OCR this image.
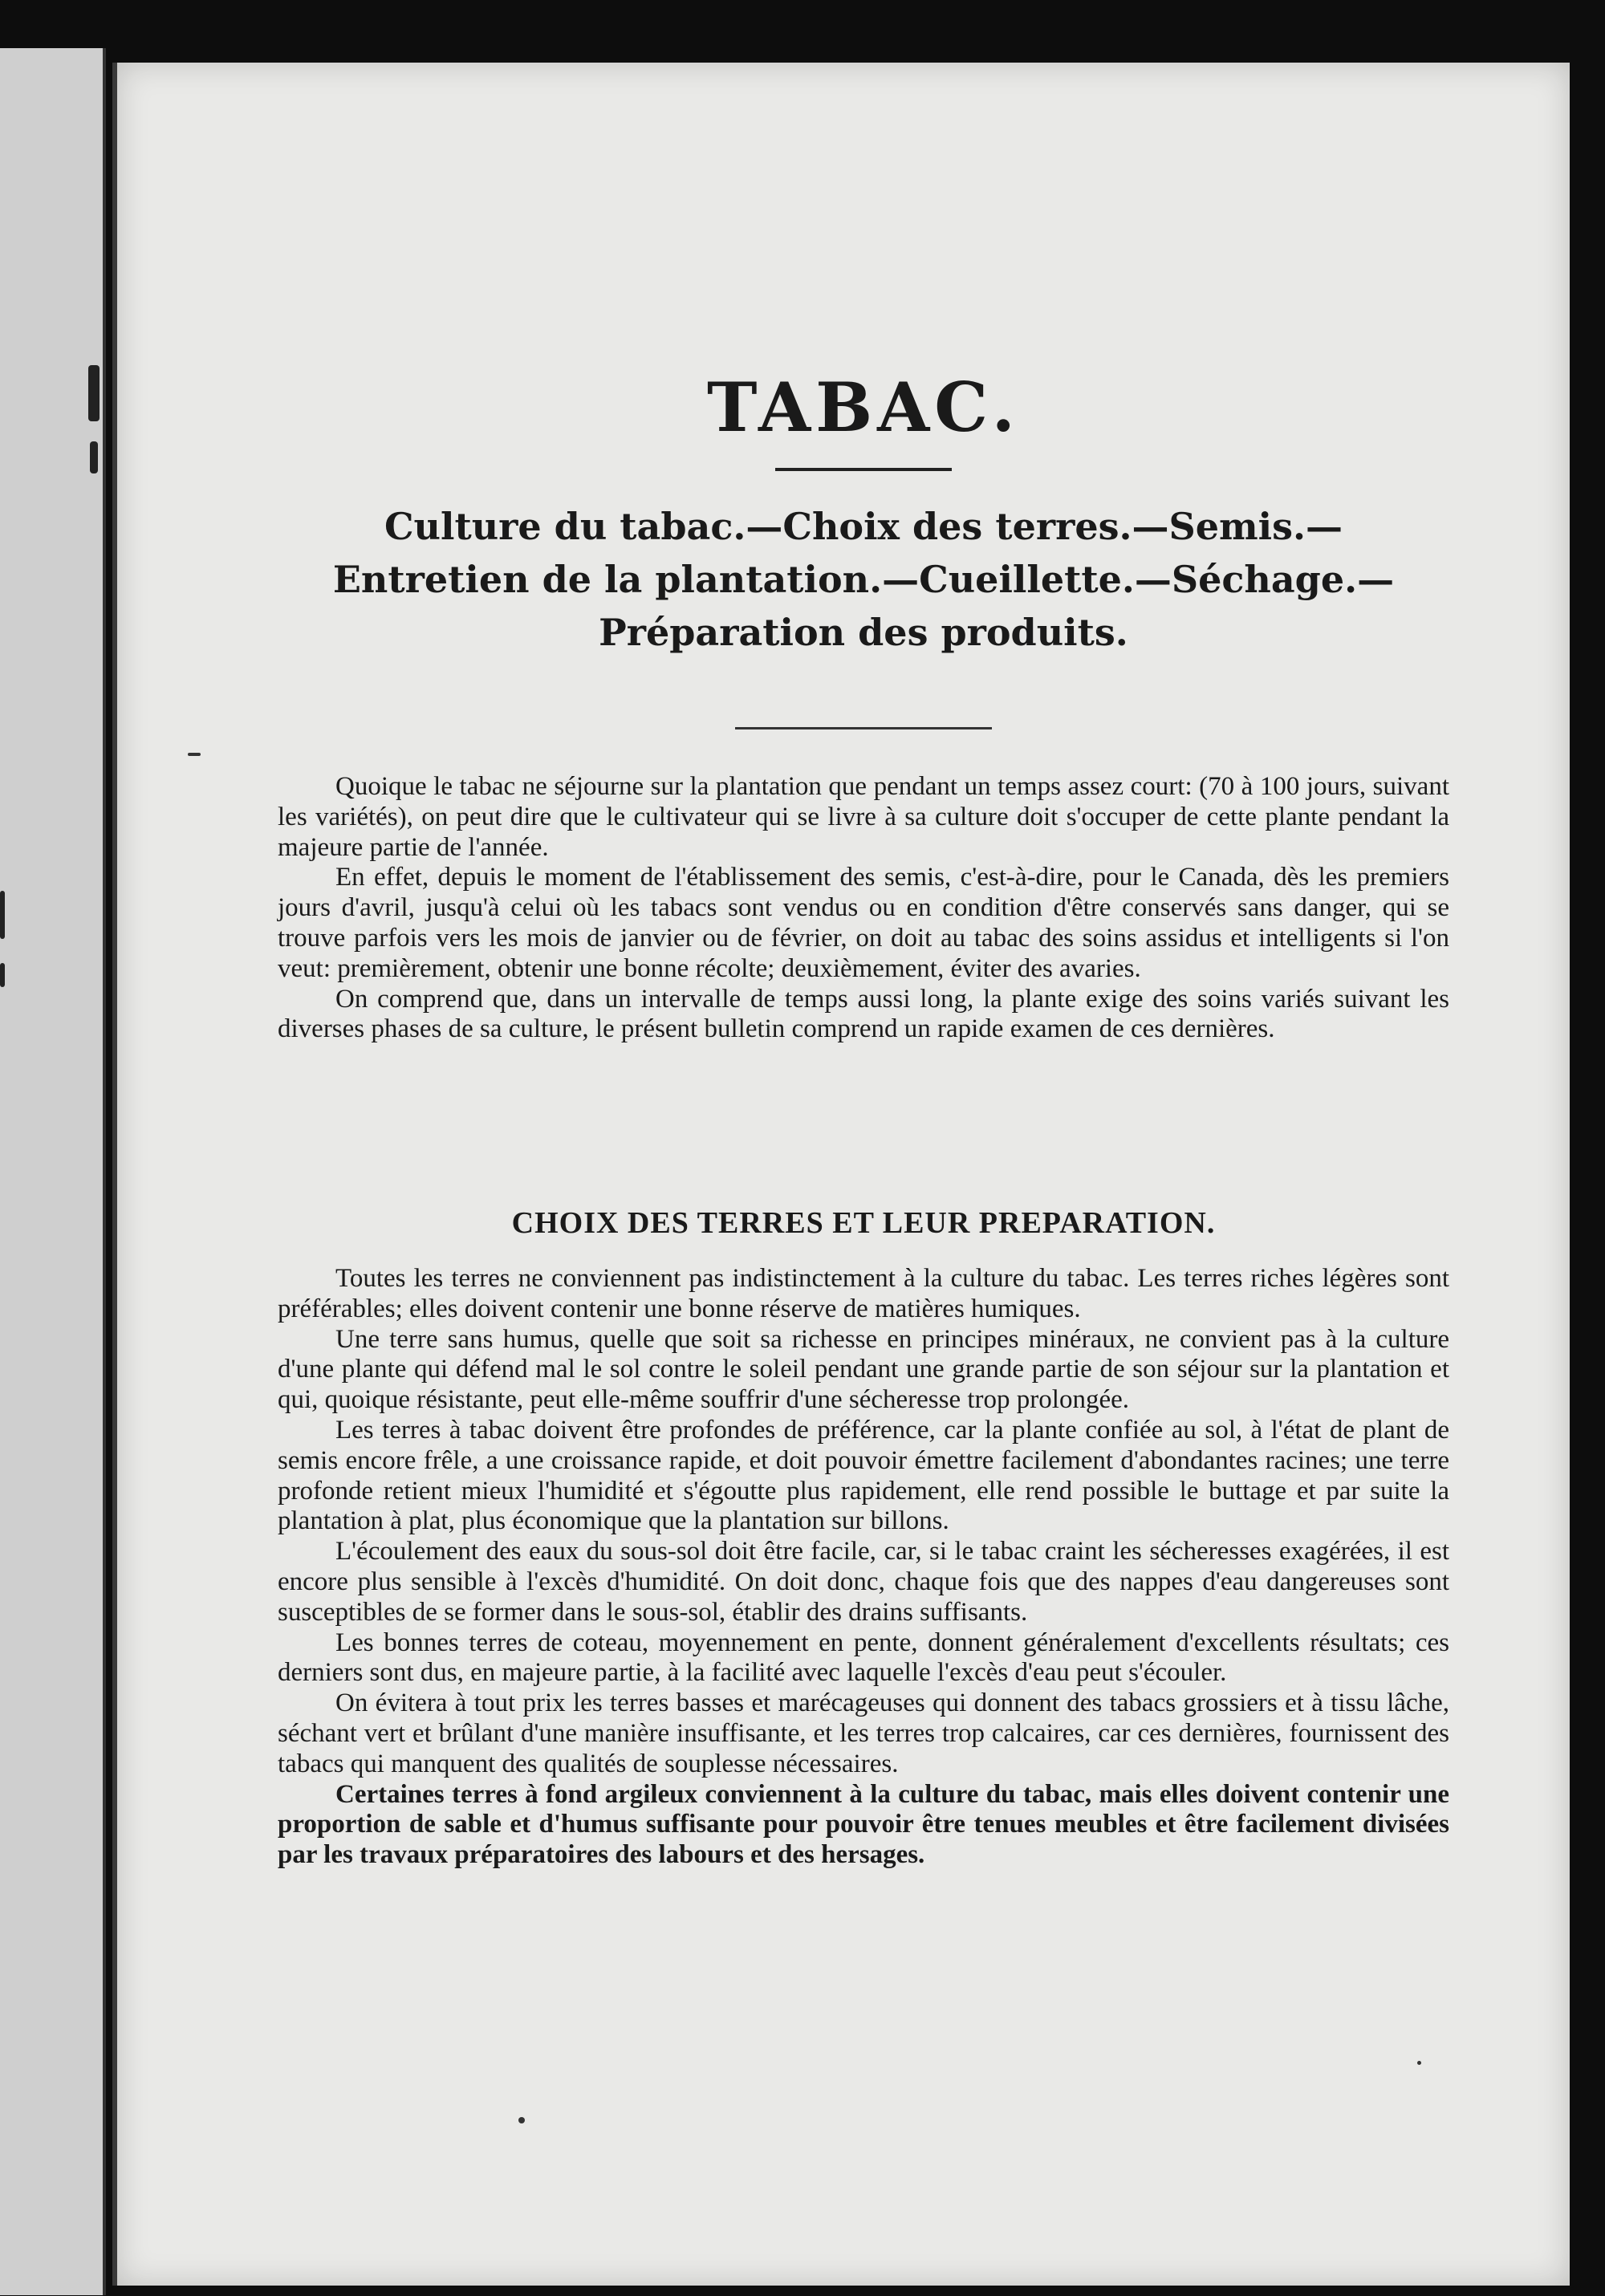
TABAC.

Culture du tabac.—Choix des terres.—Semis.—Entretien de la plantation.—Cueillette.—Séchage.— Préparation des produits.

Quoique le tabac ne séjourne sur la plantation que pendant un temps assez court: (70 à 100 jours, suivant les variétés), on peut dire que le cultivateur qui se livre à sa culture doit s'occuper de cette plante pendant la majeure partie de l'année.

En effet, depuis le moment de l'établissement des semis, c'est-à-dire, pour le Canada, dès les premiers jours d'avril, jusqu'à celui où les tabacs sont vendus ou en condition d'être conservés sans danger, qui se trouve parfois vers les mois de janvier ou de février, on doit au tabac des soins assidus et intelligents si l'on veut: premièrement, obtenir une bonne récolte; deuxièmement, éviter des avaries.

On comprend que, dans un intervalle de temps aussi long, la plante exige des soins variés suivant les diverses phases de sa culture, le présent bulletin comprend un rapide examen de ces dernières.

CHOIX DES TERRES ET LEUR PREPARATION.

Toutes les terres ne conviennent pas indistinctement à la culture du tabac. Les terres riches légères sont préférables; elles doivent contenir une bonne réserve de matières humiques.

Une terre sans humus, quelle que soit sa richesse en principes minéraux, ne convient pas à la culture d'une plante qui défend mal le sol contre le soleil pendant une grande partie de son séjour sur la plantation et qui, quoique résistante, peut elle-même souffrir d'une sécheresse trop prolongée.

Les terres à tabac doivent être profondes de préférence, car la plante confiée au sol, à l'état de plant de semis encore frêle, a une croissance rapide, et doit pouvoir émettre facilement d'abondantes racines; une terre profonde retient mieux l'humidité et s'égoutte plus rapidement, elle rend possible le buttage et par suite la plantation à plat, plus économique que la plantation sur billons.

L'écoulement des eaux du sous-sol doit être facile, car, si le tabac craint les sécheresses exagérées, il est encore plus sensible à l'excès d'humidité. On doit donc, chaque fois que des nappes d'eau dangereuses sont susceptibles de se former dans le sous-sol, établir des drains suffisants.

Les bonnes terres de coteau, moyennement en pente, donnent généralement d'excellents résultats; ces derniers sont dus, en majeure partie, à la facilité avec laquelle l'excès d'eau peut s'écouler.

On évitera à tout prix les terres basses et marécageuses qui donnent des tabacs grossiers et à tissu lâche, séchant vert et brûlant d'une manière insuffisante, et les terres trop calcaires, car ces dernières, fournissent des tabacs qui manquent des qualités de souplesse nécessaires.

Certaines terres à fond argileux conviennent à la culture du tabac, mais elles doivent contenir une proportion de sable et d'humus suffisante pour pouvoir être tenues meubles et être facilement divisées par les travaux préparatoires des labours et des hersages.
